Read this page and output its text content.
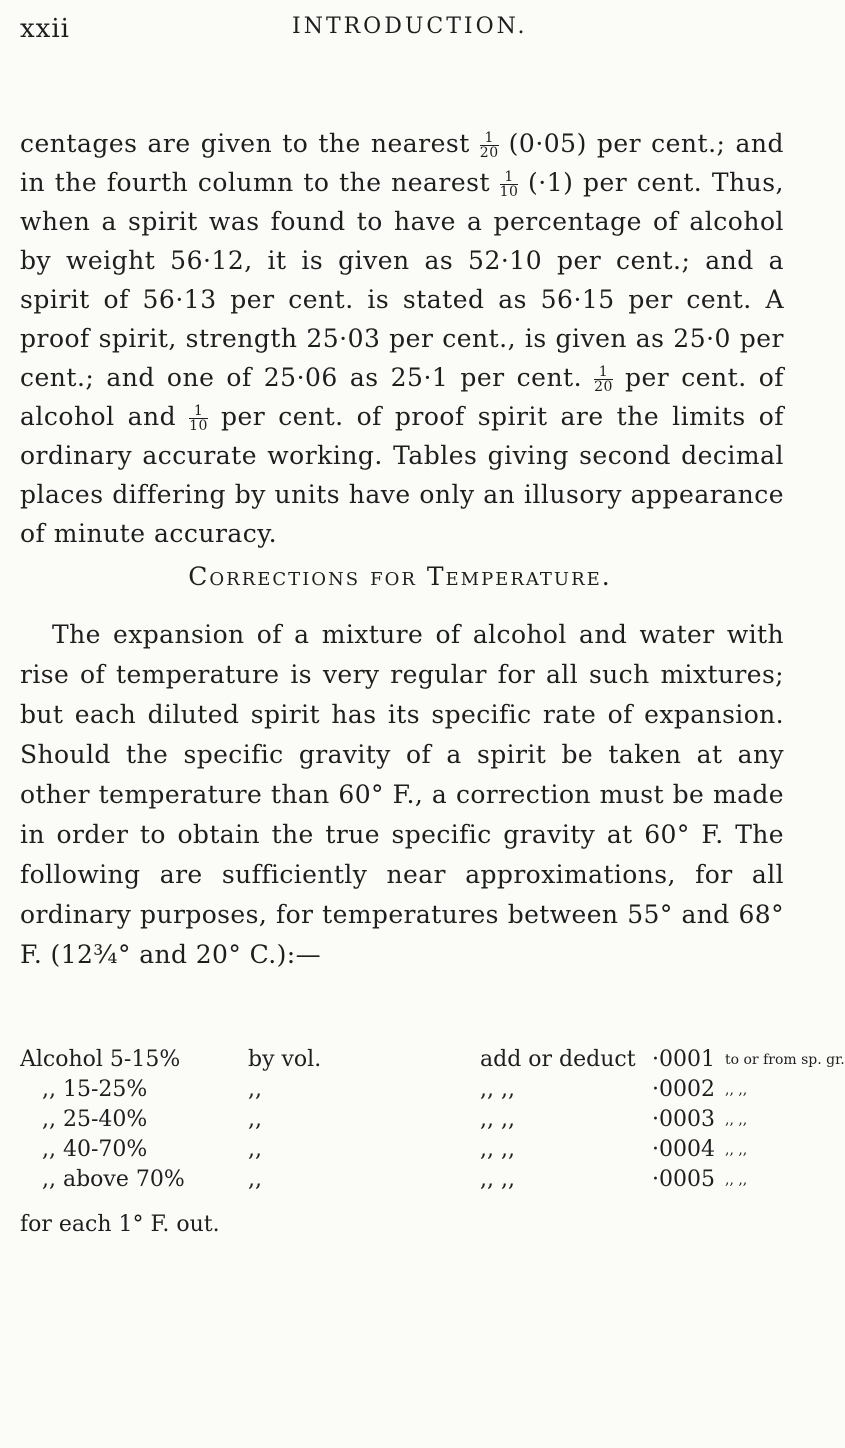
xxii	INTRODUCTION.

centages are given to the nearest $\frac{1}{20} (0\cdot 05)$ per cent.; and in the fourth column to the nearest $\frac{1}{10} (\cdot 1)$ per cent. Thus, when a spirit was found to have a percentage of alcohol by weight 56·12, it is given as 52·10 per cent.; and a spirit of 56·13 per cent. is stated as 56·15 per cent. A proof spirit, strength 25·03 per cent., is given as 25·0 per cent.; and one of 25·06 as 25·1 per cent. $\frac{1}{20}$ per cent. of alcohol and $\frac{1}{10}$ per cent. of proof spirit are the limits of ordinary accurate working. Tables giving second decimal places differing by units have only an illusory appearance of minute accuracy.

Corrections for Temperature.

The expansion of a mixture of alcohol and water with rise of temperature is very regular for all such mixtures; but each diluted spirit has its specific rate of expansion. Should the specific gravity of a spirit be taken at any other temperature than 60° F., a correction must be made in order to obtain the true specific gravity at 60° F. The following are sufficiently near approximations, for all ordinary purposes, for temperatures between 55° and 68° F. (12¾° and 20° C.):—

Alcohol 5-15%	by vol.	add or deduct ·0001 to or from sp. gr.
,, 15-25%	,,	,, ,,	·0002 ,, ,,
,, 25-40%	,,	,, ,,	·0003 ,, ,,
,, 40-70%	,,	,, ,,	·0004 ,, ,,
,, above 70%	,,	,, ,,	·0005 ,, ,,
for each 1° F. out.
